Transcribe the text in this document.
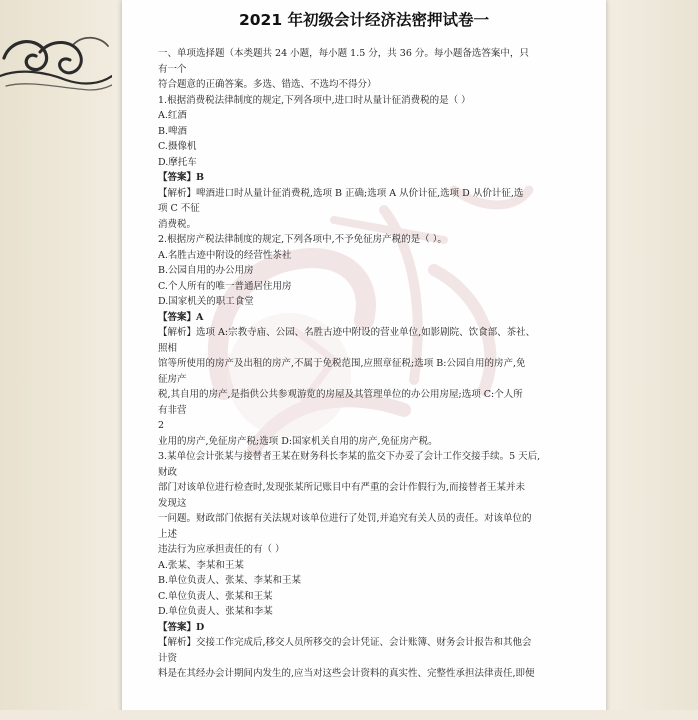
2021 年初级会计经济法密押试卷一
一、单项选择题（本类题共 24 小题，每小题 1.5 分，共 36 分。每小题备选答案中，只
有一个
符合题意的正确答案。多选、错选、不选均不得分）
1.根据消费税法律制度的规定,下列各项中,进口时从量计征消费税的是（ ）
A.红酒
B.啤酒
C.摄像机
D.摩托车
【答案】B
【解析】啤酒进口时从量计征消费税,选项 B 正确;选项 A 从价计征,选项 D 从价计征,选
项 C 不征
消费税。
2.根据房产税法律制度的规定,下列各项中,不予免征房产税的是（ ）。
A.名胜古迹中附设的经营性茶社
B.公园自用的办公用房
C.个人所有的唯一普通居住用房
D.国家机关的职工食堂
【答案】A
【解析】选项 A:宗教寺庙、公园、名胜古迹中附设的营业单位,如影剧院、饮食部、茶社、
照相
馆等所使用的房产及出租的房产,不属于免税范围,应照章征税;选项 B:公园自用的房产,免
征房产
税,其自用的房产,是指供公共参观游览的房屋及其管理单位的办公用房屋;选项 C:个人所
有非营
2
业用的房产,免征房产税;选项 D:国家机关自用的房产,免征房产税。
3.某单位会计张某与接替者王某在财务科长李某的监交下办妥了会计工作交接手续。5 天后,
财政
部门对该单位进行检查时,发现张某所记账目中有严重的会计作假行为,而接替者王某并未
发现这
一问题。财政部门依据有关法规对该单位进行了处罚,并追究有关人员的责任。对该单位的
上述
违法行为应承担责任的有（ ）
A.张某、李某和王某
B.单位负责人、张某、李某和王某
C.单位负责人、张某和王某
D.单位负责人、张某和李某
【答案】D
【解析】交接工作完成后,移交人员所移交的会计凭证、会计账簿、财务会计报告和其他会
计资
料是在其经办会计期间内发生的,应当对这些会计资料的真实性、完整性承担法律责任,即便
